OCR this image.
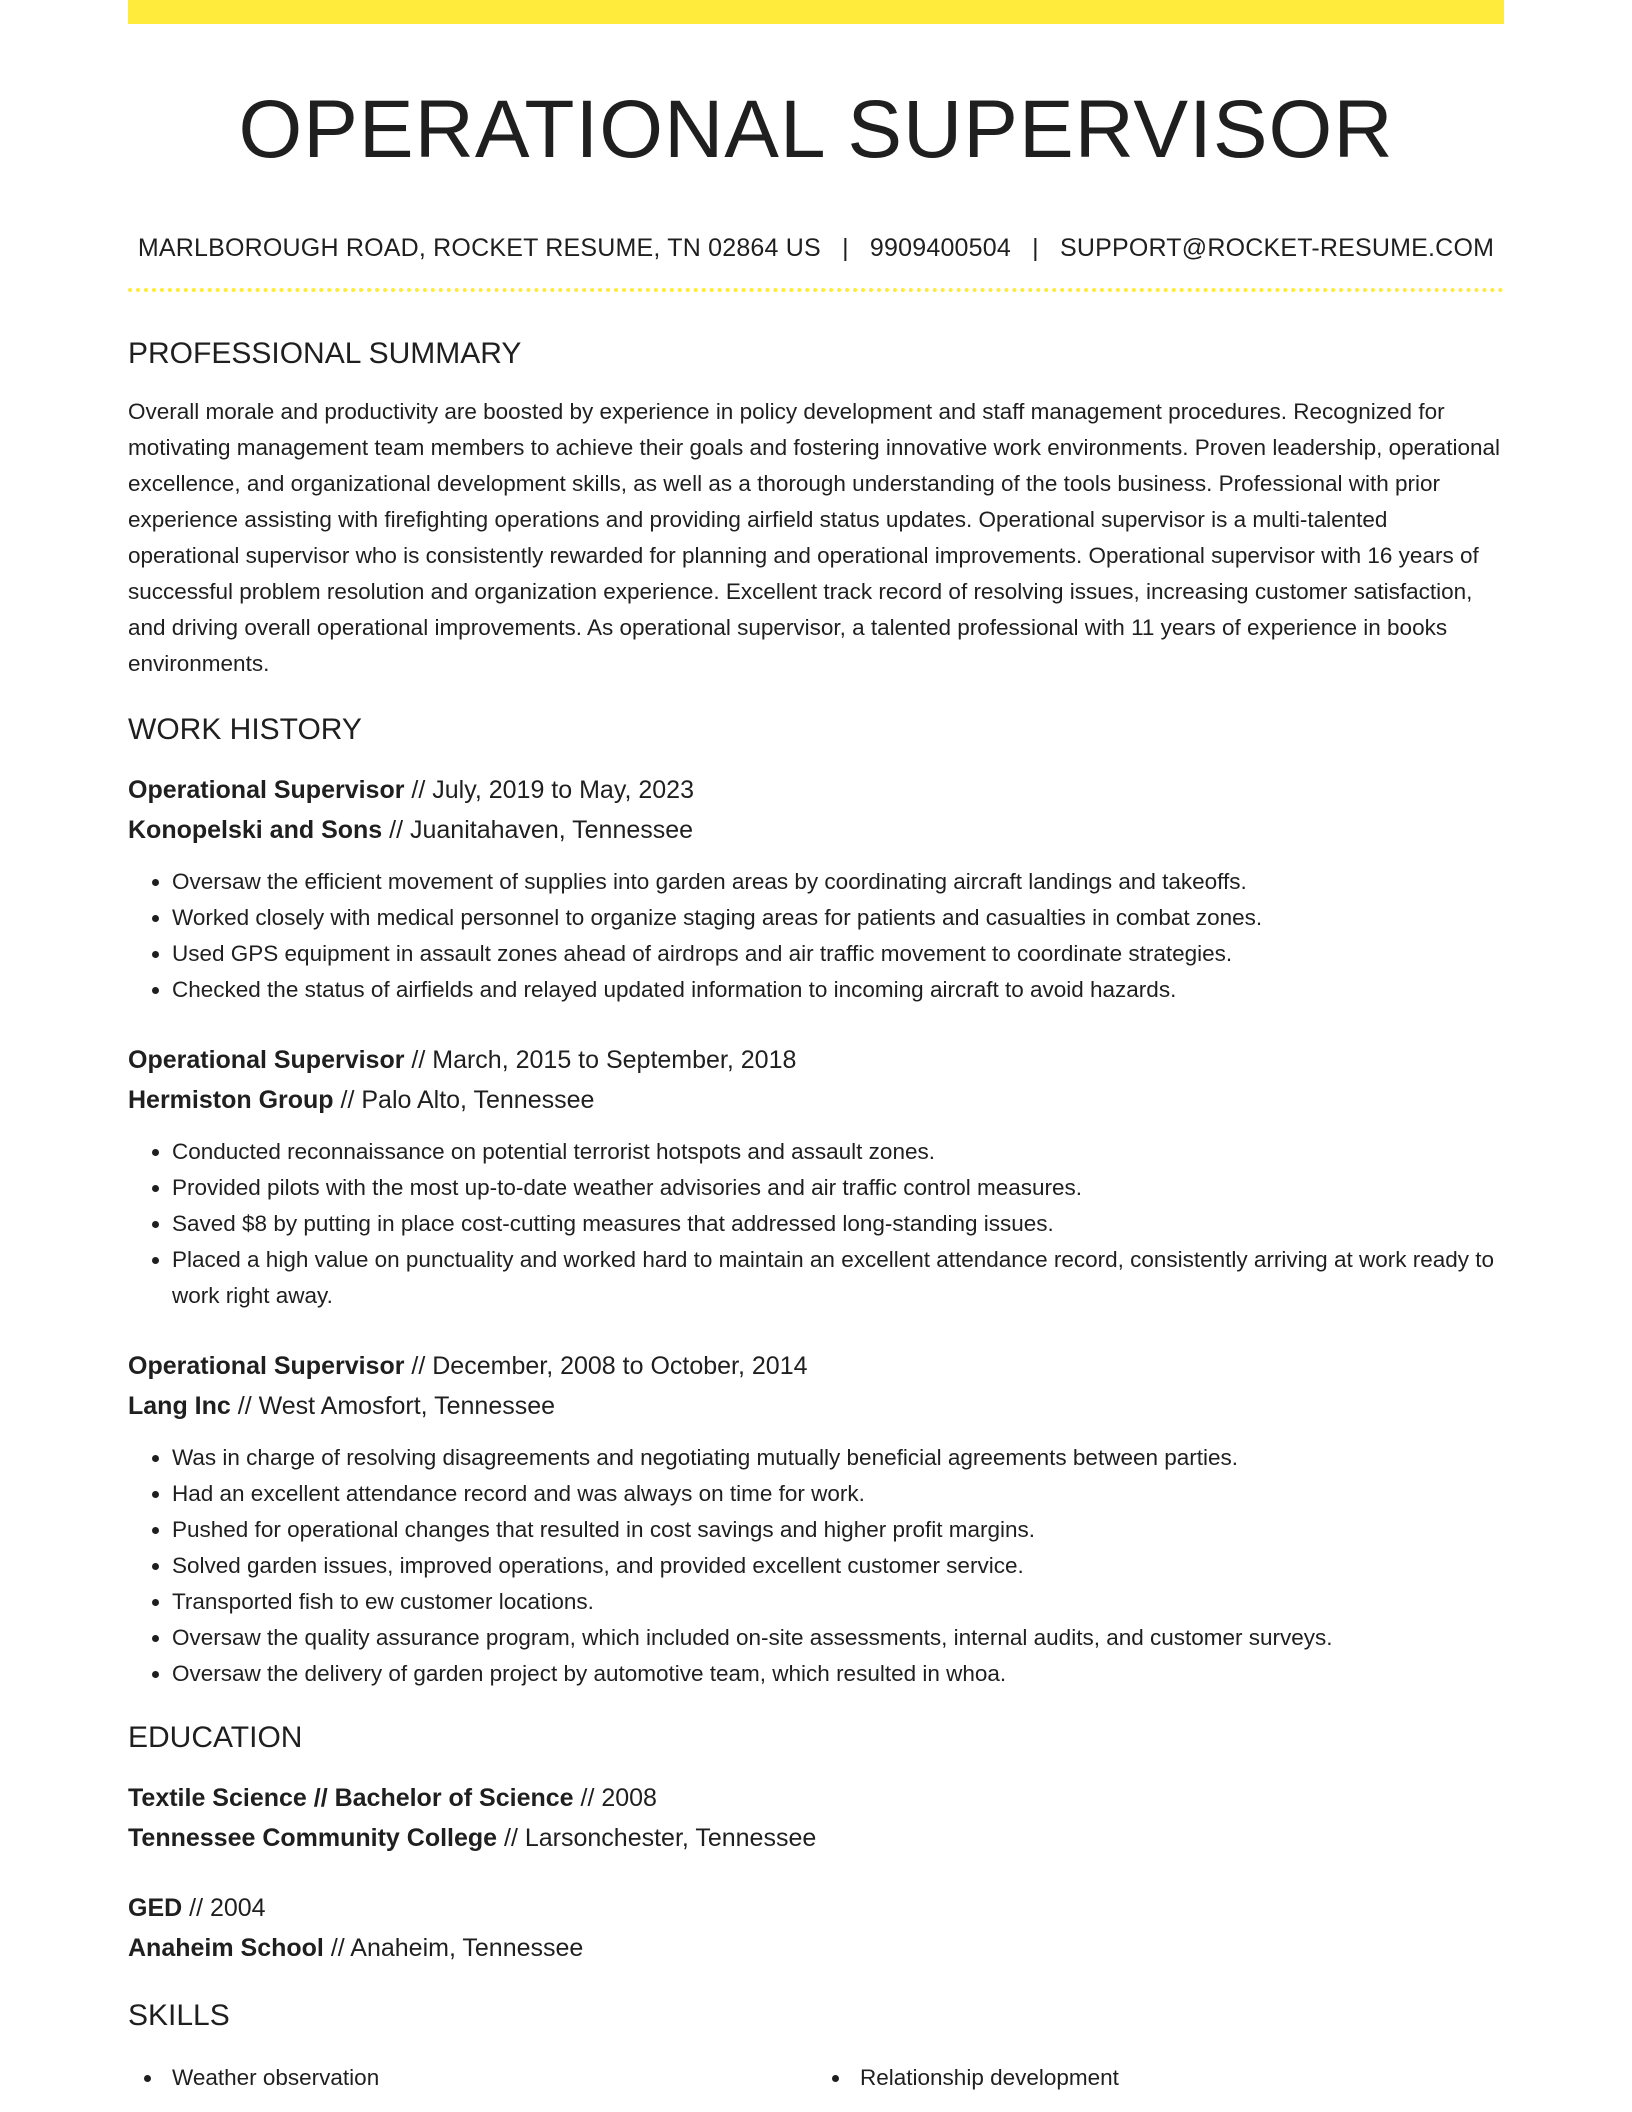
OPERATIONAL SUPERVISOR
MARLBOROUGH ROAD, ROCKET RESUME, TN 02864 US | 9909400504 | SUPPORT@ROCKET-RESUME.COM
PROFESSIONAL SUMMARY

Overall morale and productivity are boosted by experience in policy development and staff management procedures. Recognized for motivating management team members to achieve their goals and fostering innovative work environments. Proven leadership, operational excellence, and organizational development skills, as well as a thorough understanding of the tools business. Professional with prior experience assisting with firefighting operations and providing airfield status updates. Operational supervisor is a multi-talented operational supervisor who is consistently rewarded for planning and operational improvements. Operational supervisor with 16 years of successful problem resolution and organization experience. Excellent track record of resolving issues, increasing customer satisfaction, and driving overall operational improvements. As operational supervisor, a talented professional with 11 years of experience in books environments.

WORK HISTORY
Operational Supervisor // July, 2019 to May, 2023
Konopelski and Sons // Juanitahaven, Tennessee
• Oversaw the efficient movement of supplies into garden areas by coordinating aircraft landings and takeoffs.
• Worked closely with medical personnel to organize staging areas for patients and casualties in combat zones.
• Used GPS equipment in assault zones ahead of airdrops and air traffic movement to coordinate strategies.
• Checked the status of airfields and relayed updated information to incoming aircraft to avoid hazards.
Operational Supervisor // March, 2015 to September, 2018
Hermiston Group // Palo Alto, Tennessee
• Conducted reconnaissance on potential terrorist hotspots and assault zones.
• Provided pilots with the most up-to-date weather advisories and air traffic control measures.
• Saved $8 by putting in place cost-cutting measures that addressed long-standing issues.
• Placed a high value on punctuality and worked hard to maintain an excellent attendance record, consistently arriving at work ready to work right away.
Operational Supervisor // December, 2008 to October, 2014
Lang Inc // West Amosfort, Tennessee
• Was in charge of resolving disagreements and negotiating mutually beneficial agreements between parties.
• Had an excellent attendance record and was always on time for work.
• Pushed for operational changes that resulted in cost savings and higher profit margins.
• Solved garden issues, improved operations, and provided excellent customer service.
• Transported fish to ew customer locations.
• Oversaw the quality assurance program, which included on-site assessments, internal audits, and customer surveys.
• Oversaw the delivery of garden project by automotive team, which resulted in whoa.
EDUCATION
Textile Science // Bachelor of Science // 2008
Tennessee Community College // Larsonchester, Tennessee
GED // 2004
Anaheim School // Anaheim, Tennessee
SKILLS
Weather observation	Relationship development
